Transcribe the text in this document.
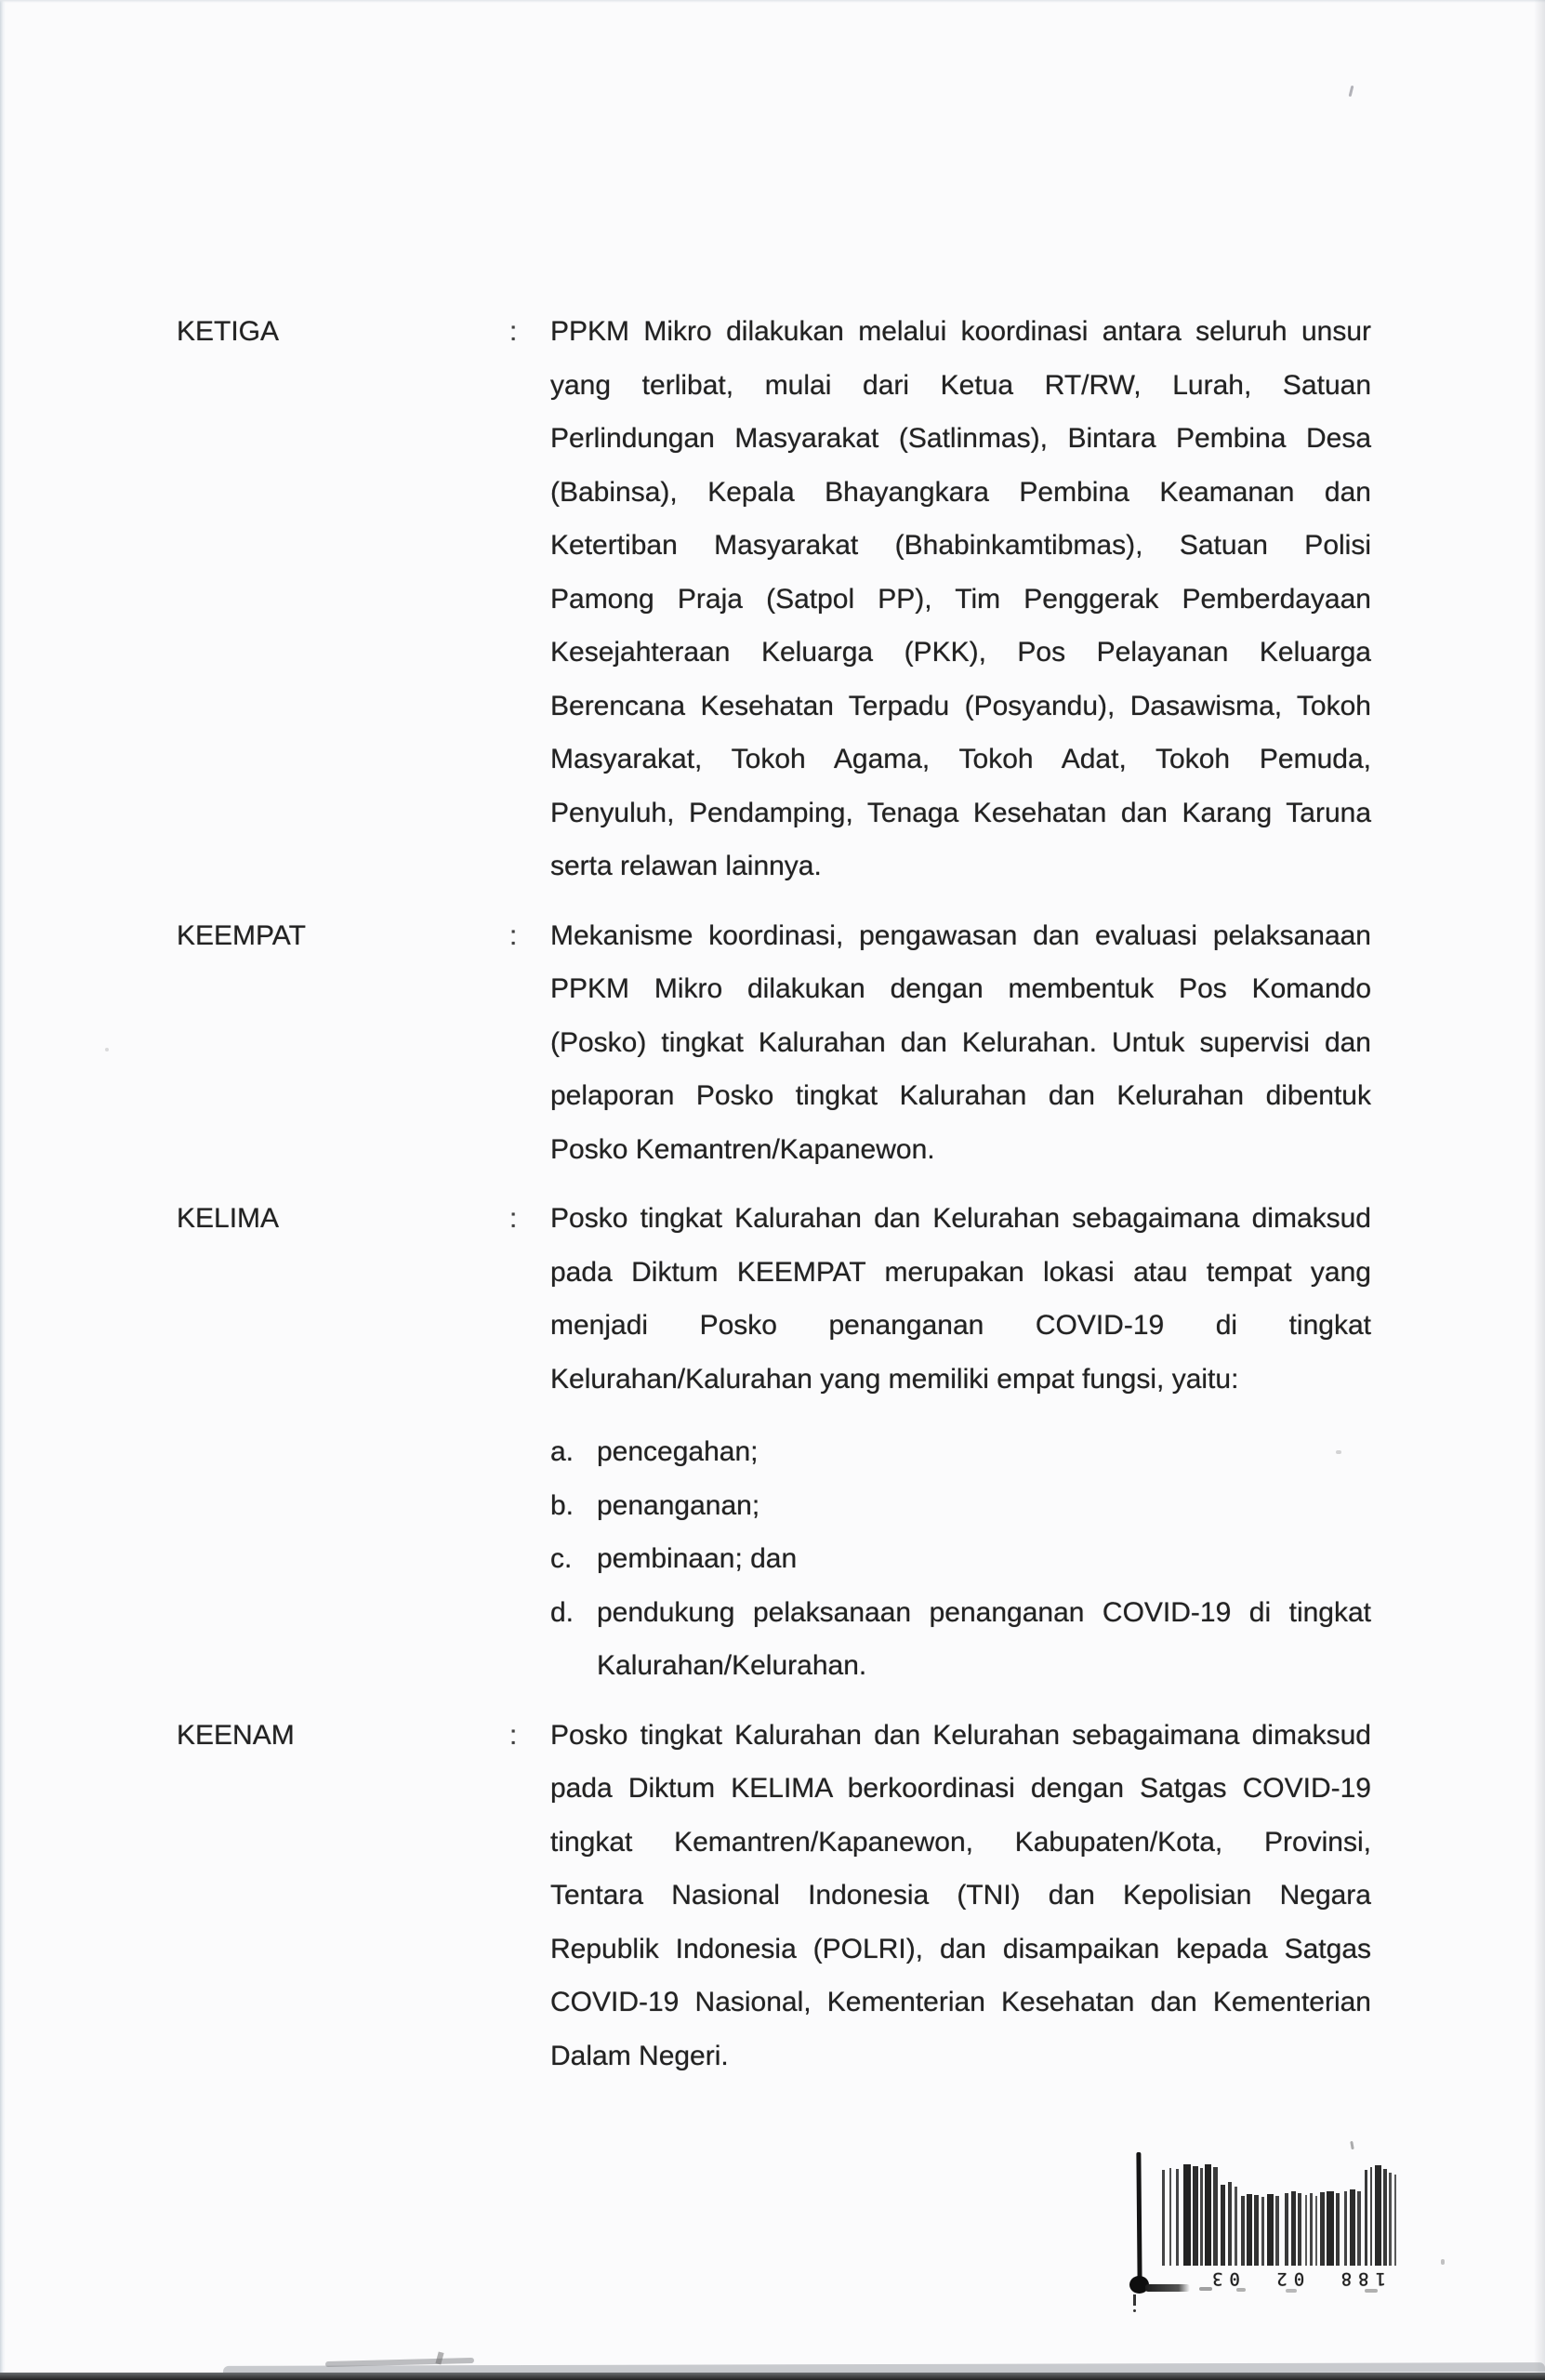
KETIGA	:	PPKM Mikro dilakukan melalui koordinasi antara seluruh unsur
yang terlibat, mulai dari Ketua RT/RW, Lurah, Satuan
Perlindungan Masyarakat (Satlinmas), Bintara Pembina Desa
(Babinsa), Kepala Bhayangkara Pembina Keamanan dan
Ketertiban Masyarakat (Bhabinkamtibmas), Satuan Polisi
Pamong Praja (Satpol PP), Tim Penggerak Pemberdayaan
Kesejahteraan Keluarga (PKK), Pos Pelayanan Keluarga
Berencana Kesehatan Terpadu (Posyandu), Dasawisma, Tokoh
Masyarakat, Tokoh Agama, Tokoh Adat, Tokoh Pemuda,
Penyuluh, Pendamping, Tenaga Kesehatan dan Karang Taruna
serta relawan lainnya.
KEEMPAT	:	Mekanisme koordinasi, pengawasan dan evaluasi pelaksanaan
PPKM Mikro dilakukan dengan membentuk Pos Komando
(Posko) tingkat Kalurahan dan Kelurahan. Untuk supervisi dan
pelaporan Posko tingkat Kalurahan dan Kelurahan dibentuk
Posko Kemantren/Kapanewon.
KELIMA	:	Posko tingkat Kalurahan dan Kelurahan sebagaimana dimaksud
pada Diktum KEEMPAT merupakan lokasi atau tempat yang
menjadi Posko penanganan COVID-19 di tingkat
Kelurahan/Kalurahan yang memiliki empat fungsi, yaitu:
a. pencegahan;
b. penanganan;
c. pembinaan; dan
d. pendukung pelaksanaan penanganan COVID-19 di tingkat
Kalurahan/Kelurahan.
KEENAM	:	Posko tingkat Kalurahan dan Kelurahan sebagaimana dimaksud
pada Diktum KELIMA berkoordinasi dengan Satgas COVID-19
tingkat Kemantren/Kapanewon, Kabupaten/Kota, Provinsi,
Tentara Nasional Indonesia (TNI) dan Kepolisian Negara
Republik Indonesia (POLRI), dan disampaikan kepada Satgas
COVID-19 Nasional, Kementerian Kesehatan dan Kementerian
Dalam Negeri.
188 02 03
